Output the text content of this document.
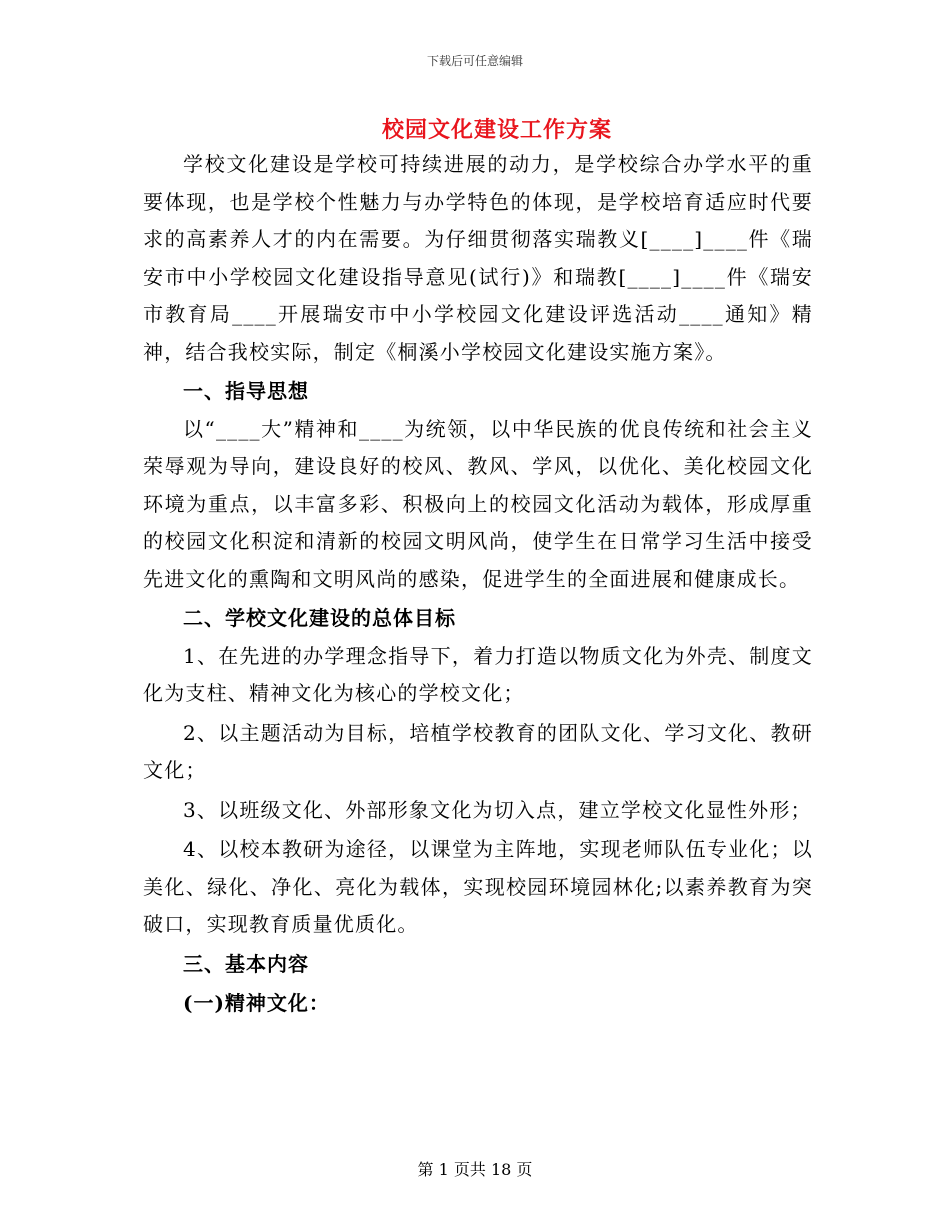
下载后可任意编辑
校园文化建设工作方案

学校文化建设是学校可持续进展的动力，是学校综合办学水平的重要体现，也是学校个性魅力与办学特色的体现，是学校培育适应时代要求的高素养人才的内在需要。为仔细贯彻落实瑞教义[____]____件《瑞安市中小学校园文化建设指导意见(试行)》和瑞教[____]____件《瑞安市教育局____开展瑞安市中小学校园文化建设评选活动____通知》精神，结合我校实际，制定《桐溪小学校园文化建设实施方案》。

一、指导思想

以“____大”精神和____为统领，以中华民族的优良传统和社会主义荣辱观为导向，建设良好的校风、教风、学风，以优化、美化校园文化环境为重点，以丰富多彩、积极向上的校园文化活动为载体，形成厚重的校园文化积淀和清新的校园文明风尚，使学生在日常学习生活中接受先进文化的熏陶和文明风尚的感染，促进学生的全面进展和健康成长。

二、学校文化建设的总体目标

1、在先进的办学理念指导下，着力打造以物质文化为外壳、制度文化为支柱、精神文化为核心的学校文化；

2、以主题活动为目标，培植学校教育的团队文化、学习文化、教研文化；

3、以班级文化、外部形象文化为切入点，建立学校文化显性外形；

4、以校本教研为途径，以课堂为主阵地，实现老师队伍专业化；以美化、绿化、净化、亮化为载体，实现校园环境园林化;以素养教育为突破口，实现教育质量优质化。

三、基本内容

(一)精神文化：

第 1 页共 18 页
